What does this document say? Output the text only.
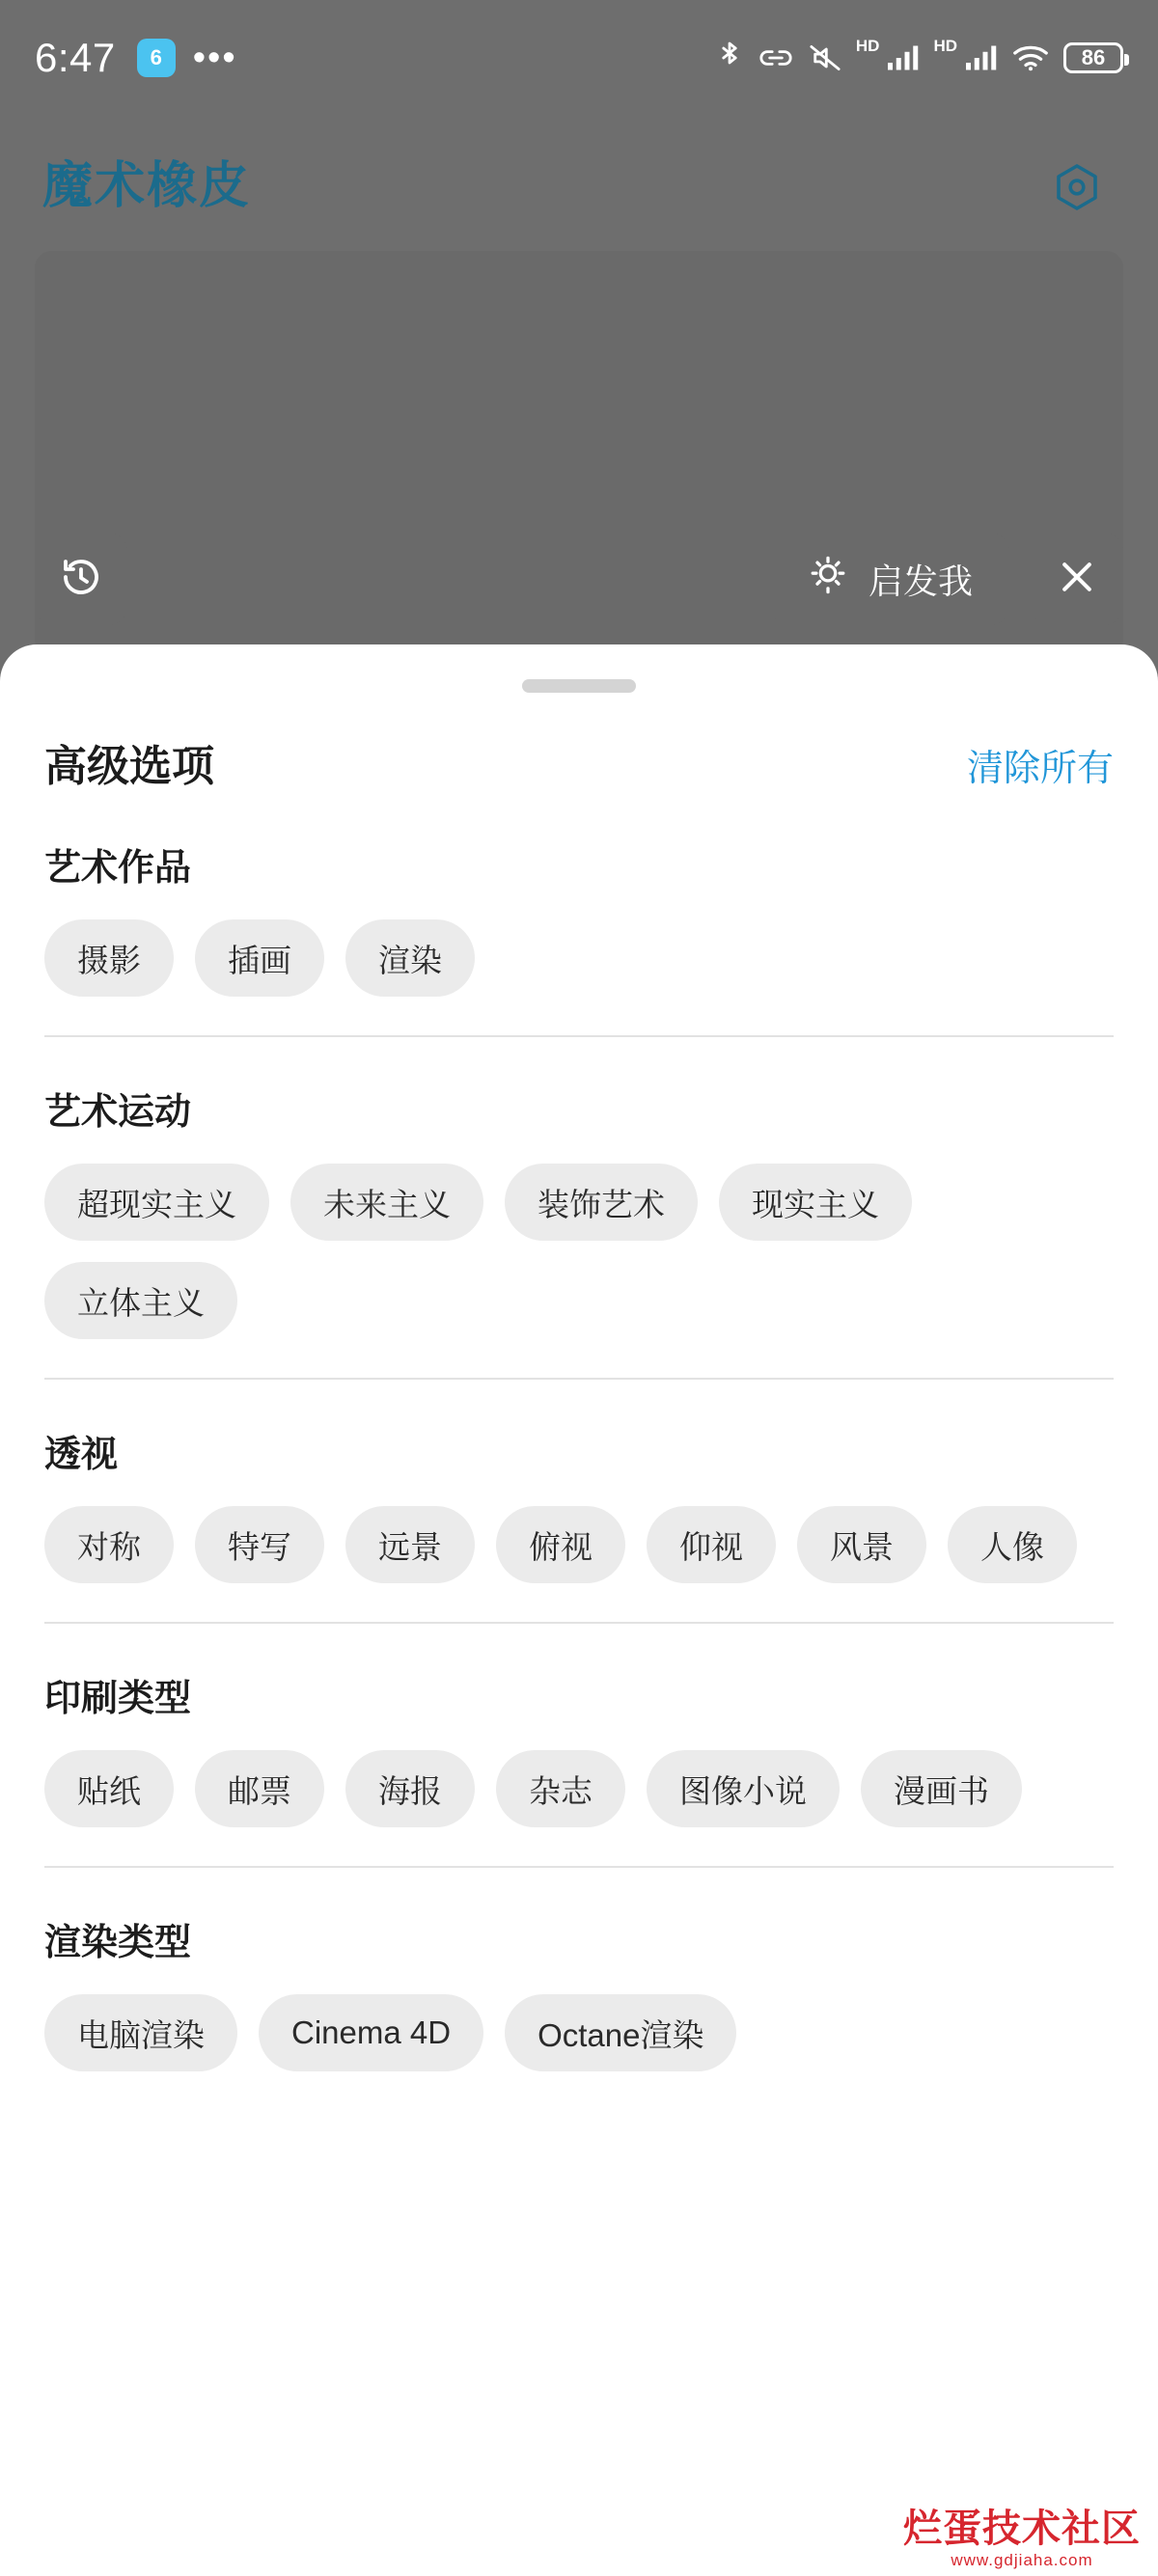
6:47	6 •••	HD	HD	86
魔术橡皮
启发我
高级选项	清除所有
艺术作品
摄影	插画	渲染
艺术运动
超现实主义	未来主义	装饰艺术	现实主义
立体主义
透视
对称	特写	远景	俯视	仰视	风景	人像
印刷类型
贴纸	邮票	海报	杂志	图像小说	漫画书
渲染类型
电脑渲染	Cinema 4D	Octane渲染
烂蛋技术社区
www.gdjiaha.com
